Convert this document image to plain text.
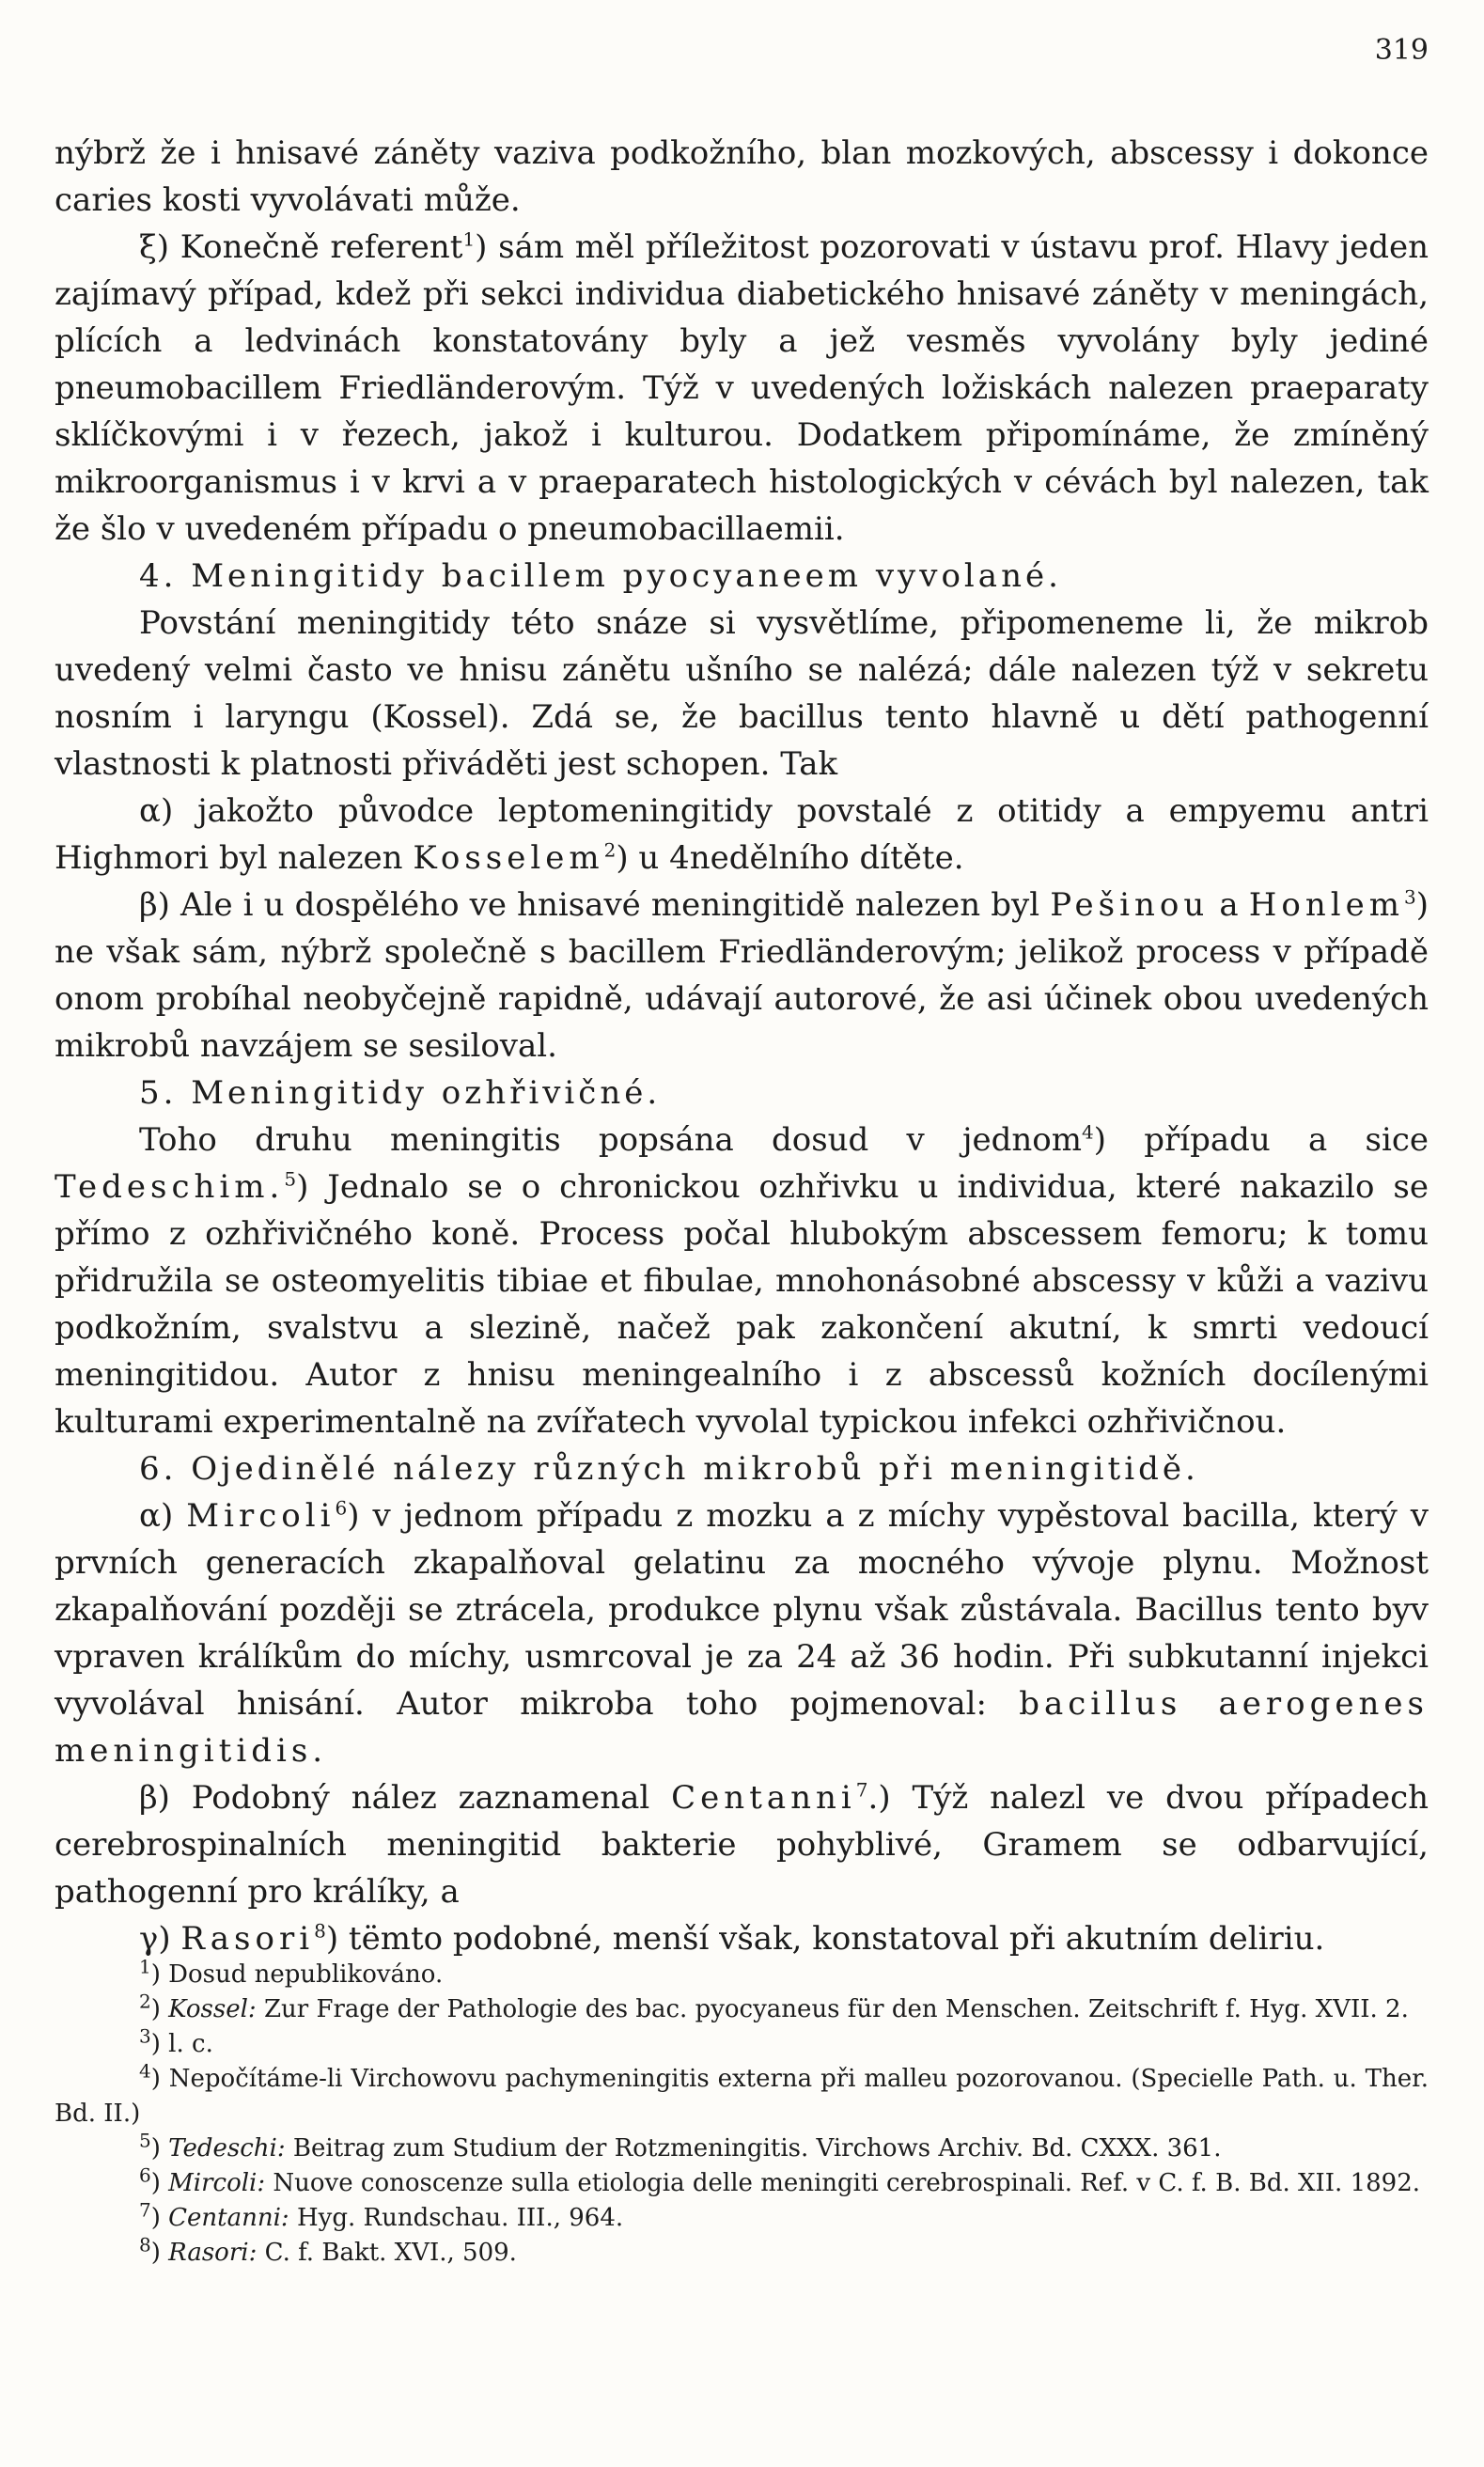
319

nýbrž že i hnisavé záněty vaziva podkožního, blan mozkových, abscessy i dokonce caries kosti vyvolávati může.

ξ) Konečně referent$^1$) sám měl příležitost pozorovati v ústavu prof. Hlavy jeden zajímavý případ, kdež při sekci individua diabetického hnisavé záněty v meningách, plících a ledvinách konstatovány byly a jež vesměs vyvolány byly jediné pneumobacillem Friedländerovým. Týž v uvedených ložiskách nalezen praeparaty sklíčkovými i v řezech, jakož i kulturou. Dodatkem připomínáme, že zmíněný mikroorganismus i v krvi a v praeparatech histologických v cévách byl nalezen, tak že šlo v uvedeném případu o pneumobacillaemii.

4. Meningitidy bacillem pyocyaneem vyvolané.

Povstání meningitidy této snáze si vysvětlíme, připomeneme li, že mikrob uvedený velmi často ve hnisu zánětu ušního se nalézá; dále nalezen týž v sekretu nosním i laryngu (Kossel). Zdá se, že bacillus tento hlavně u dětí pathogenní vlastnosti k platnosti přiváděti jest schopen. Tak

α) jakožto původce leptomeningitidy povstalé z otitidy a empyemu antri Highmori byl nalezen Kosselem$^2$) u 4nedělního dítěte.

β) Ale i u dospělého ve hnisavé meningitidě nalezen byl Pešinou a Honlem$^3$) ne však sám, nýbrž společně s bacillem Friedländerovým; jelikož process v případě onom probíhal neobyčejně rapidně, udávají autorové, že asi účinek obou uvedených mikrobů navzájem se sesiloval.

5. Meningitidy ozhřivičné.

Toho druhu meningitis popsána dosud v jednom$^4$) případu a sice Tedeschim.$^5$) Jednalo se o chronickou ozhřivku u individua, které nakazilo se přímo z ozhřivičného koně. Process počal hlubokým abscessem femoru; k tomu přidružila se osteomyelitis tibiae et fibulae, mnohonásobné abscessy v kůži a vazivu podkožním, svalstvu a slezině, načež pak zakončení akutní, k smrti vedoucí meningitidou. Autor z hnisu meningealního i z abscessů kožních docílenými kulturami experimentalně na zvířatech vyvolal typickou infekci ozhřivičnou.

6. Ojedinělé nálezy různých mikrobů při meningitidě.

α) Mircoli$^6$) v jednom případu z mozku a z míchy vypěstoval bacilla, který v prvních generacích zkapalňoval gelatinu za mocného vývoje plynu. Možnost zkapalňování později se ztrácela, produkce plynu však zůstávala. Bacillus tento byv vpraven králíkům do míchy, usmrcoval je za 24 až 36 hodin. Při subkutanní injekci vyvolával hnisání. Autor mikroba toho pojmenoval: bacillus aerogenes meningitidis.

β) Podobný nález zaznamenal Centanni$^7$.) Týž nalezl ve dvou případech cerebrospinalních meningitid bakterie pohyblivé, Gramem se odbarvující, pathogenní pro králíky, a

γ) Rasori$^8$) tëmto podobné, menší však, konstatoval při akutním deliriu.

$^1$) Dosud nepublikováno.

$^2$) Kossel: Zur Frage der Pathologie des bac. pyocyaneus für den Menschen. Zeitschrift f. Hyg. XVII. 2.

$^3$) l. c.

$^4$) Nepočítáme-li Virchowovu pachymeningitis externa při malleu pozorovanou. (Specielle Path. u. Ther. Bd. II.)

$^5$) Tedeschi: Beitrag zum Studium der Rotzmeningitis. Virchows Archiv. Bd. CXXX. 361.

$^6$) Mircoli: Nuove conoscenze sulla etiologia delle meningiti cerebrospinali. Ref. v C. f. B. Bd. XII. 1892.

$^7$) Centanni: Hyg. Rundschau. III., 964.

$^8$) Rasori: C. f. Bakt. XVI., 509.
